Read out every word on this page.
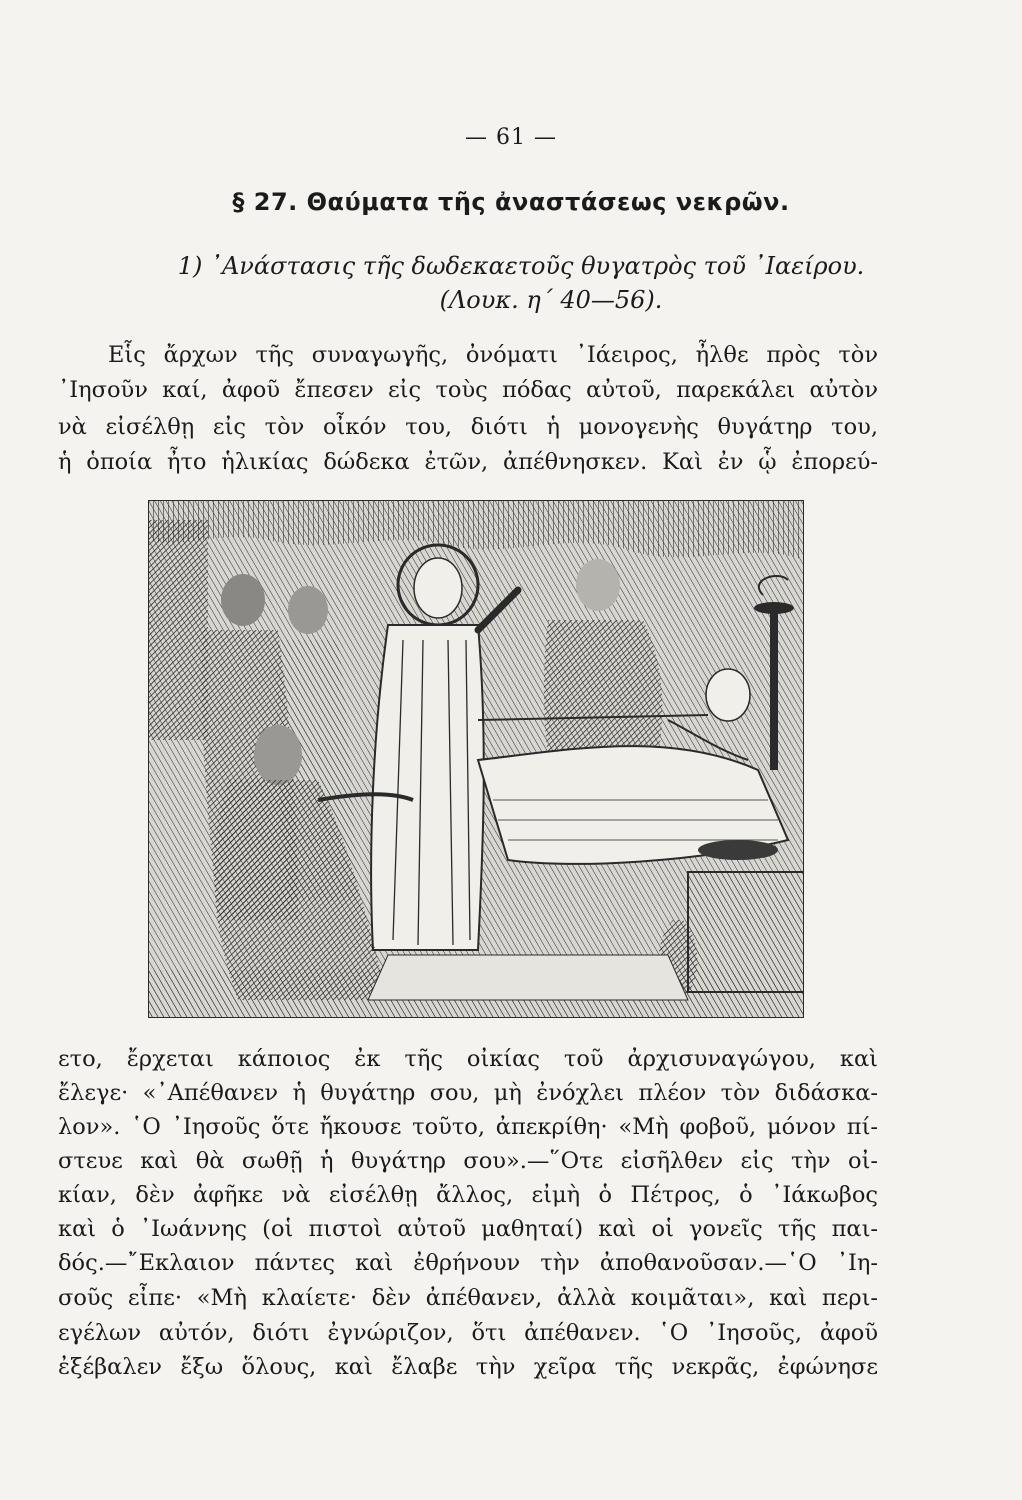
— 61 —
§ 27. Θαύματα τῆς ἀναστάσεως νεκρῶν.
1) ᾿Ανάστασις τῆς δωδεκαετοῦς θυγατρὸς τοῦ ᾿Ιαείρου.
(Λουκ. η΄ 40—56).
Εἷς ἄρχων τῆς συναγωγῆς, ὀνόματι ᾿Ιάειρος, ἦλθε πρὸς τὸν
᾿Ιησοῦν καί, ἀφοῦ ἔπεσεν εἰς τοὺς πόδας αὐτοῦ, παρεκάλει αὐτὸν
νὰ εἰσέλθῃ εἰς τὸν οἶκόν του, διότι ἡ μονογενὴς θυγάτηρ του,
ἡ ὁποία ἦτο ἡλικίας δώδεκα ἐτῶν, ἀπέθνησκεν. Καὶ ἐν ᾧ ἐπορεύ-
ετο, ἔρχεται κάποιος ἐκ τῆς οἰκίας τοῦ ἀρχισυναγώγου, καὶ
ἔλεγε· «᾿Απέθανεν ἡ θυγάτηρ σου, μὴ ἐνόχλει πλέον τὸν διδάσκα-
λον». ῾Ο ᾿Ιησοῦς ὅτε ἤκουσε τοῦτο, ἀπεκρίθη· «Μὴ φοβοῦ, μόνον πί-
στευε καὶ θὰ σωθῇ ἡ θυγάτηρ σου».—῞Οτε εἰσῆλθεν εἰς τὴν οἰ-
κίαν, δὲν ἀφῆκε νὰ εἰσέλθῃ ἄλλος, εἰμὴ ὁ Πέτρος, ὁ ᾿Ιάκωβος
καὶ ὁ ᾿Ιωάννης (οἱ πιστοὶ αὐτοῦ μαθηταί) καὶ οἱ γονεῖς τῆς παι-
δός.—῎Εκλαιον πάντες καὶ ἐθρήνουν τὴν ἀποθανοῦσαν.—῾Ο ᾿Ιη-
σοῦς εἶπε· «Μὴ κλαίετε· δὲν ἀπέθανεν, ἀλλὰ κοιμᾶται», καὶ περι-
εγέλων αὐτόν, διότι ἐγνώριζον, ὅτι ἀπέθανεν. ῾Ο ᾿Ιησοῦς, ἀφοῦ
ἐξέβαλεν ἔξω ὅλους, καὶ ἔλαβε τὴν χεῖρα τῆς νεκρᾶς, ἐφώνησε
